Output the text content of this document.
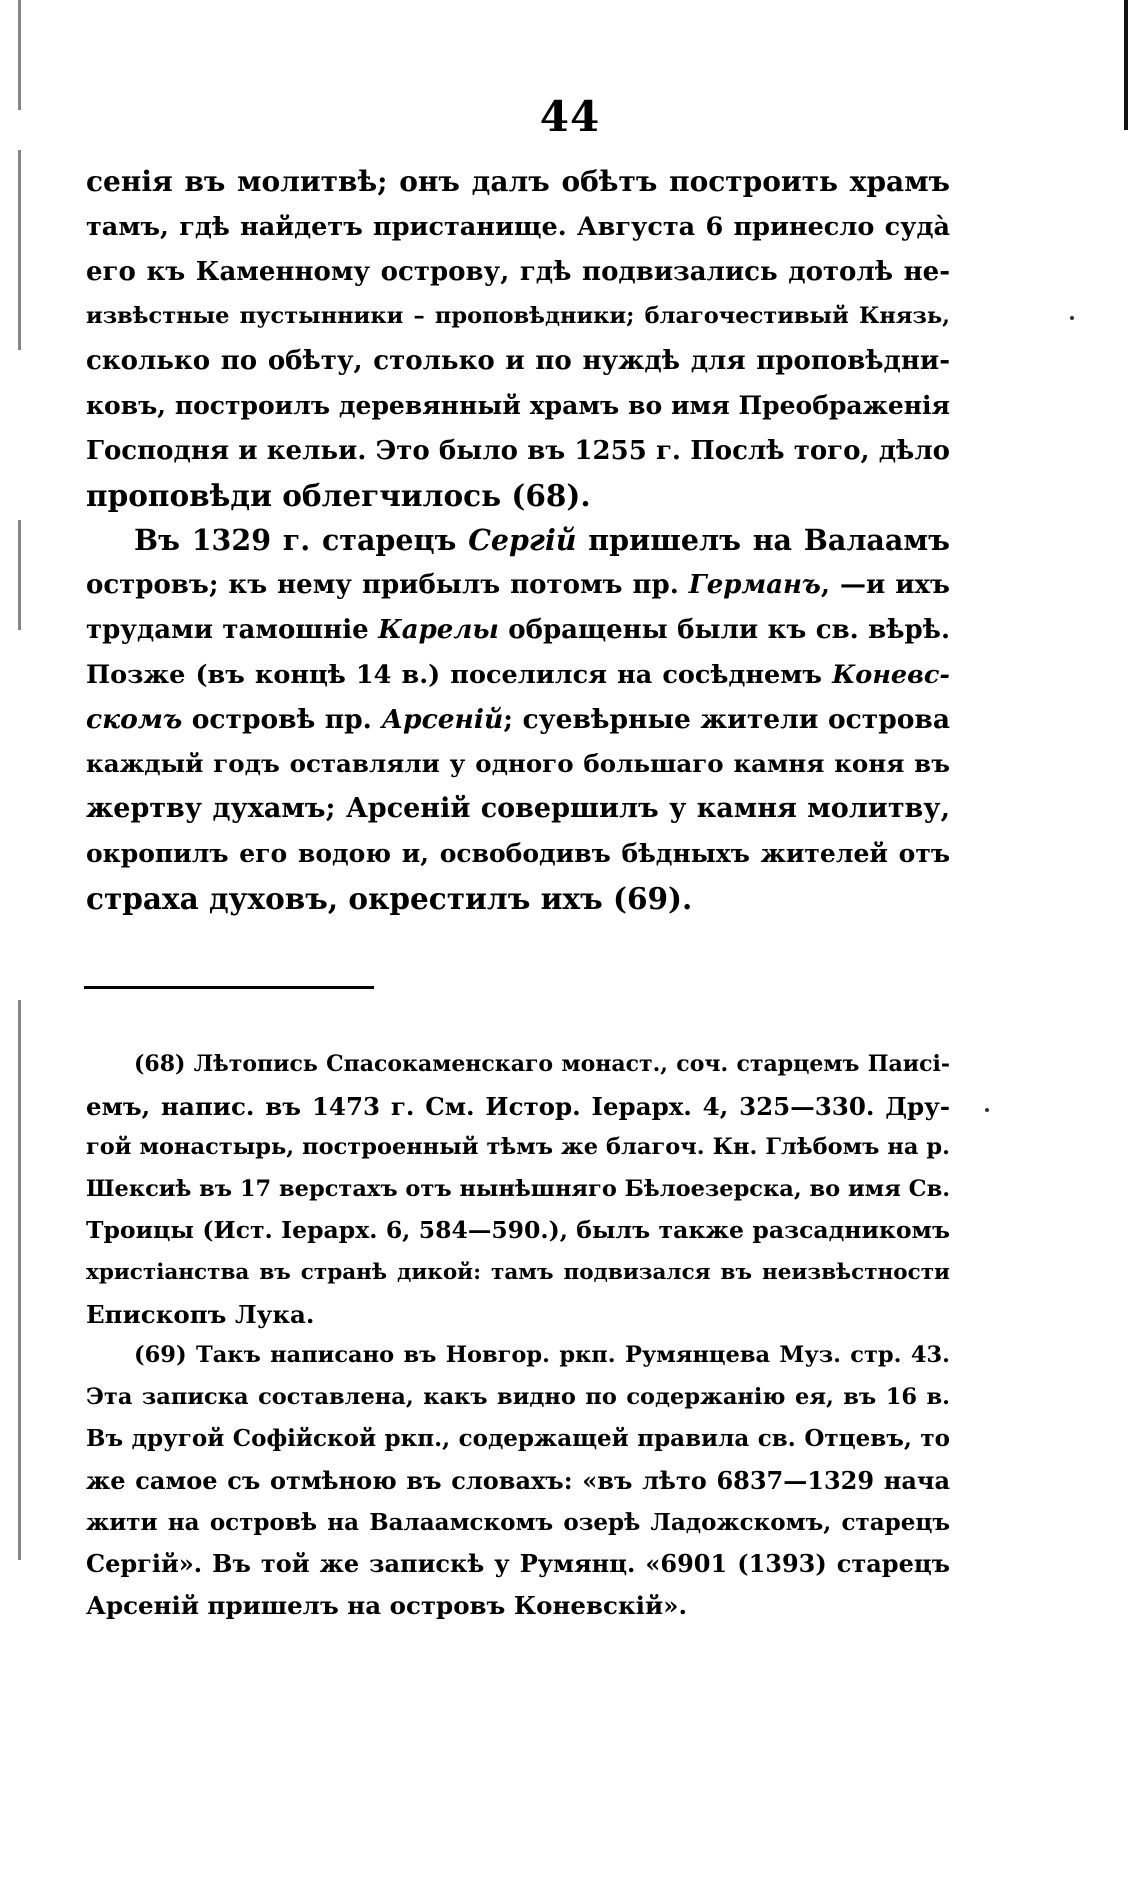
44
сенія въ молитвѣ; онъ далъ обѣтъ построить храмъ
тамъ, гдѣ найдетъ пристанище. Августа 6 принесло судà
его къ Каменному острову, гдѣ подвизались дотолѣ не-
извѣстные пустынники – проповѣдники; благочестивый Князь,
сколько по обѣту, столько и по нуждѣ для проповѣдни-
ковъ, построилъ деревянный храмъ во имя Преображенія
Господня и кельи. Это было въ 1255 г. Послѣ того, дѣло
проповѣди облегчилось (68).
Въ 1329 г. старецъ Сергій пришелъ на Валаамъ
островъ; къ нему прибылъ потомъ пр. Германъ, —и ихъ
трудами тамошніе Карелы обращены были къ св. вѣрѣ.
Позже (въ концѣ 14 в.) поселился на сосѣднемъ Коневс-
скомъ островѣ пр. Арсеній; суевѣрные жители острова
каждый годъ оставляли у одного большаго камня коня въ
жертву духамъ; Арсеній совершилъ у камня молитву,
окропилъ его водою и, освободивъ бѣдныхъ жителей отъ
страха духовъ, окрестилъ ихъ (69).
(68) Лѣтопись Спасокаменскаго монаст., соч. старцемъ Паисі-
емъ, напис. въ 1473 г. См. Истор. Іерарх. 4, 325—330. Дру-
гой монастырь, построенный тѣмъ же благоч. Кн. Глѣбомъ на р.
Шексиѣ въ 17 верстахъ отъ нынѣшняго Бѣлоезерска, во имя Св.
Троицы (Ист. Іерарх. 6, 584—590.), былъ также разсадникомъ
христіанства въ странѣ дикой: тамъ подвизался въ неизвѣстности
Епископъ Лука.
(69) Такъ написано въ Новгор. ркп. Румянцева Муз. стр. 43.
Эта записка составлена, какъ видно по содержанію ея, въ 16 в.
Въ другой Софійской ркп., содержащей правила св. Отцевъ, то
же самое съ отмѣною въ словахъ: «въ лѣто 6837—1329 нача
жити на островѣ на Валаамскомъ озерѣ Ладожскомъ, старецъ
Сергій». Въ той же запискѣ у Румянц. «6901 (1393) старецъ
Арсеній пришелъ на островъ Коневскій».
